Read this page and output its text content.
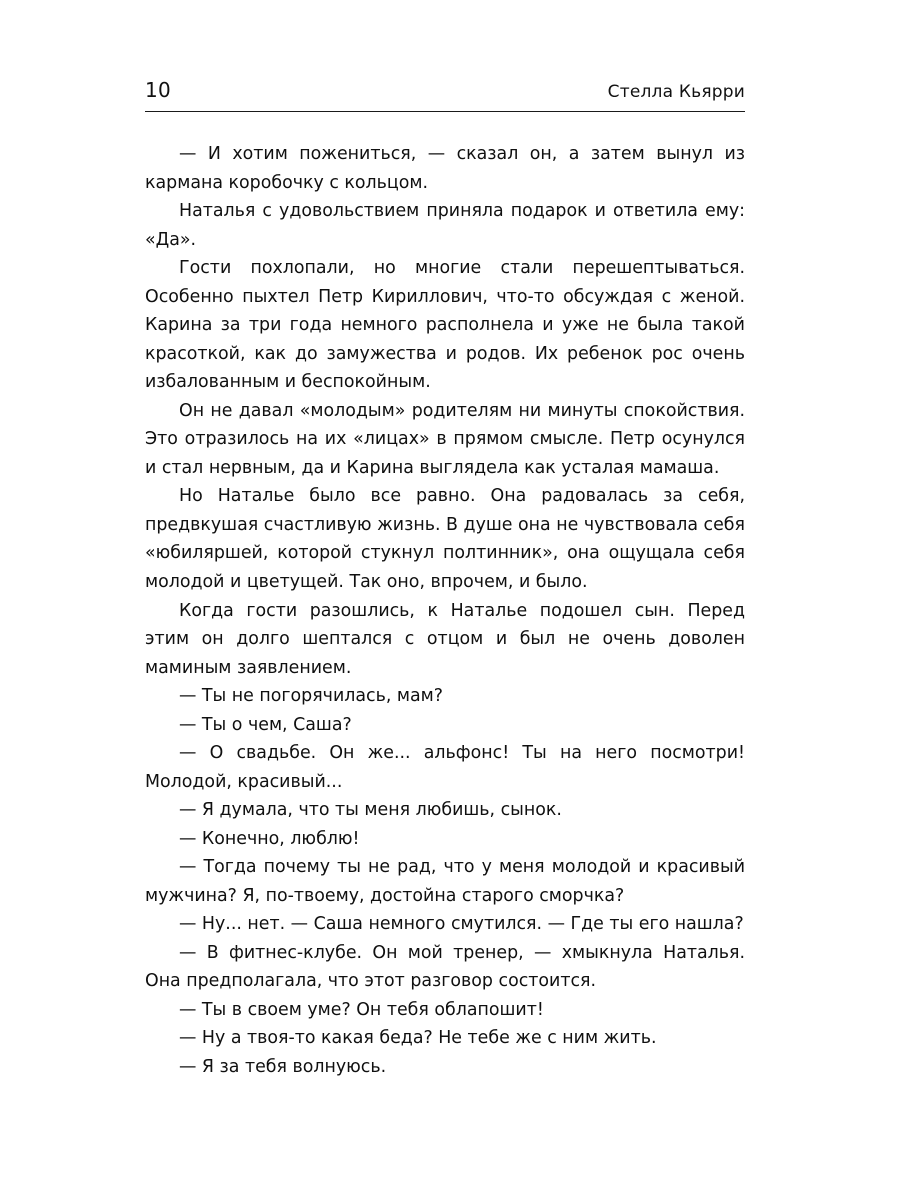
10	Стелла Кьярри

— И хотим пожениться, — сказал он, а затем вынул из кармана коробочку с кольцом.

Наталья с удовольствием приняла подарок и ответила ему: «Да».

Гости похлопали, но многие стали перешептываться. Особенно пыхтел Петр Кириллович, что-то обсуждая с женой. Карина за три года немного располнела и уже не была такой красоткой, как до замужества и родов. Их ребенок рос очень избалованным и беспокойным.

Он не давал «молодым» родителям ни минуты спокойствия. Это отразилось на их «лицах» в прямом смысле. Петр осунулся и стал нервным, да и Карина выглядела как усталая мамаша.

Но Наталье было все равно. Она радовалась за себя, предвкушая счастливую жизнь. В душе она не чувствовала себя «юбиляршей, которой стукнул полтинник», она ощущала себя молодой и цветущей. Так оно, впрочем, и было.

Когда гости разошлись, к Наталье подошел сын. Перед этим он долго шептался с отцом и был не очень доволен маминым заявлением.

— Ты не погорячилась, мам?

— Ты о чем, Саша?

— О свадьбе. Он же... альфонс! Ты на него посмотри! Молодой, красивый...

— Я думала, что ты меня любишь, сынок.

— Конечно, люблю!

— Тогда почему ты не рад, что у меня молодой и красивый мужчина? Я, по-твоему, достойна старого сморчка?

— Ну... нет. — Саша немного смутился. — Где ты его нашла?

— В фитнес-клубе. Он мой тренер, — хмыкнула Наталья. Она предполагала, что этот разговор состоится.

— Ты в своем уме? Он тебя облапошит!

— Ну а твоя-то какая беда? Не тебе же с ним жить.

— Я за тебя волнуюсь.
